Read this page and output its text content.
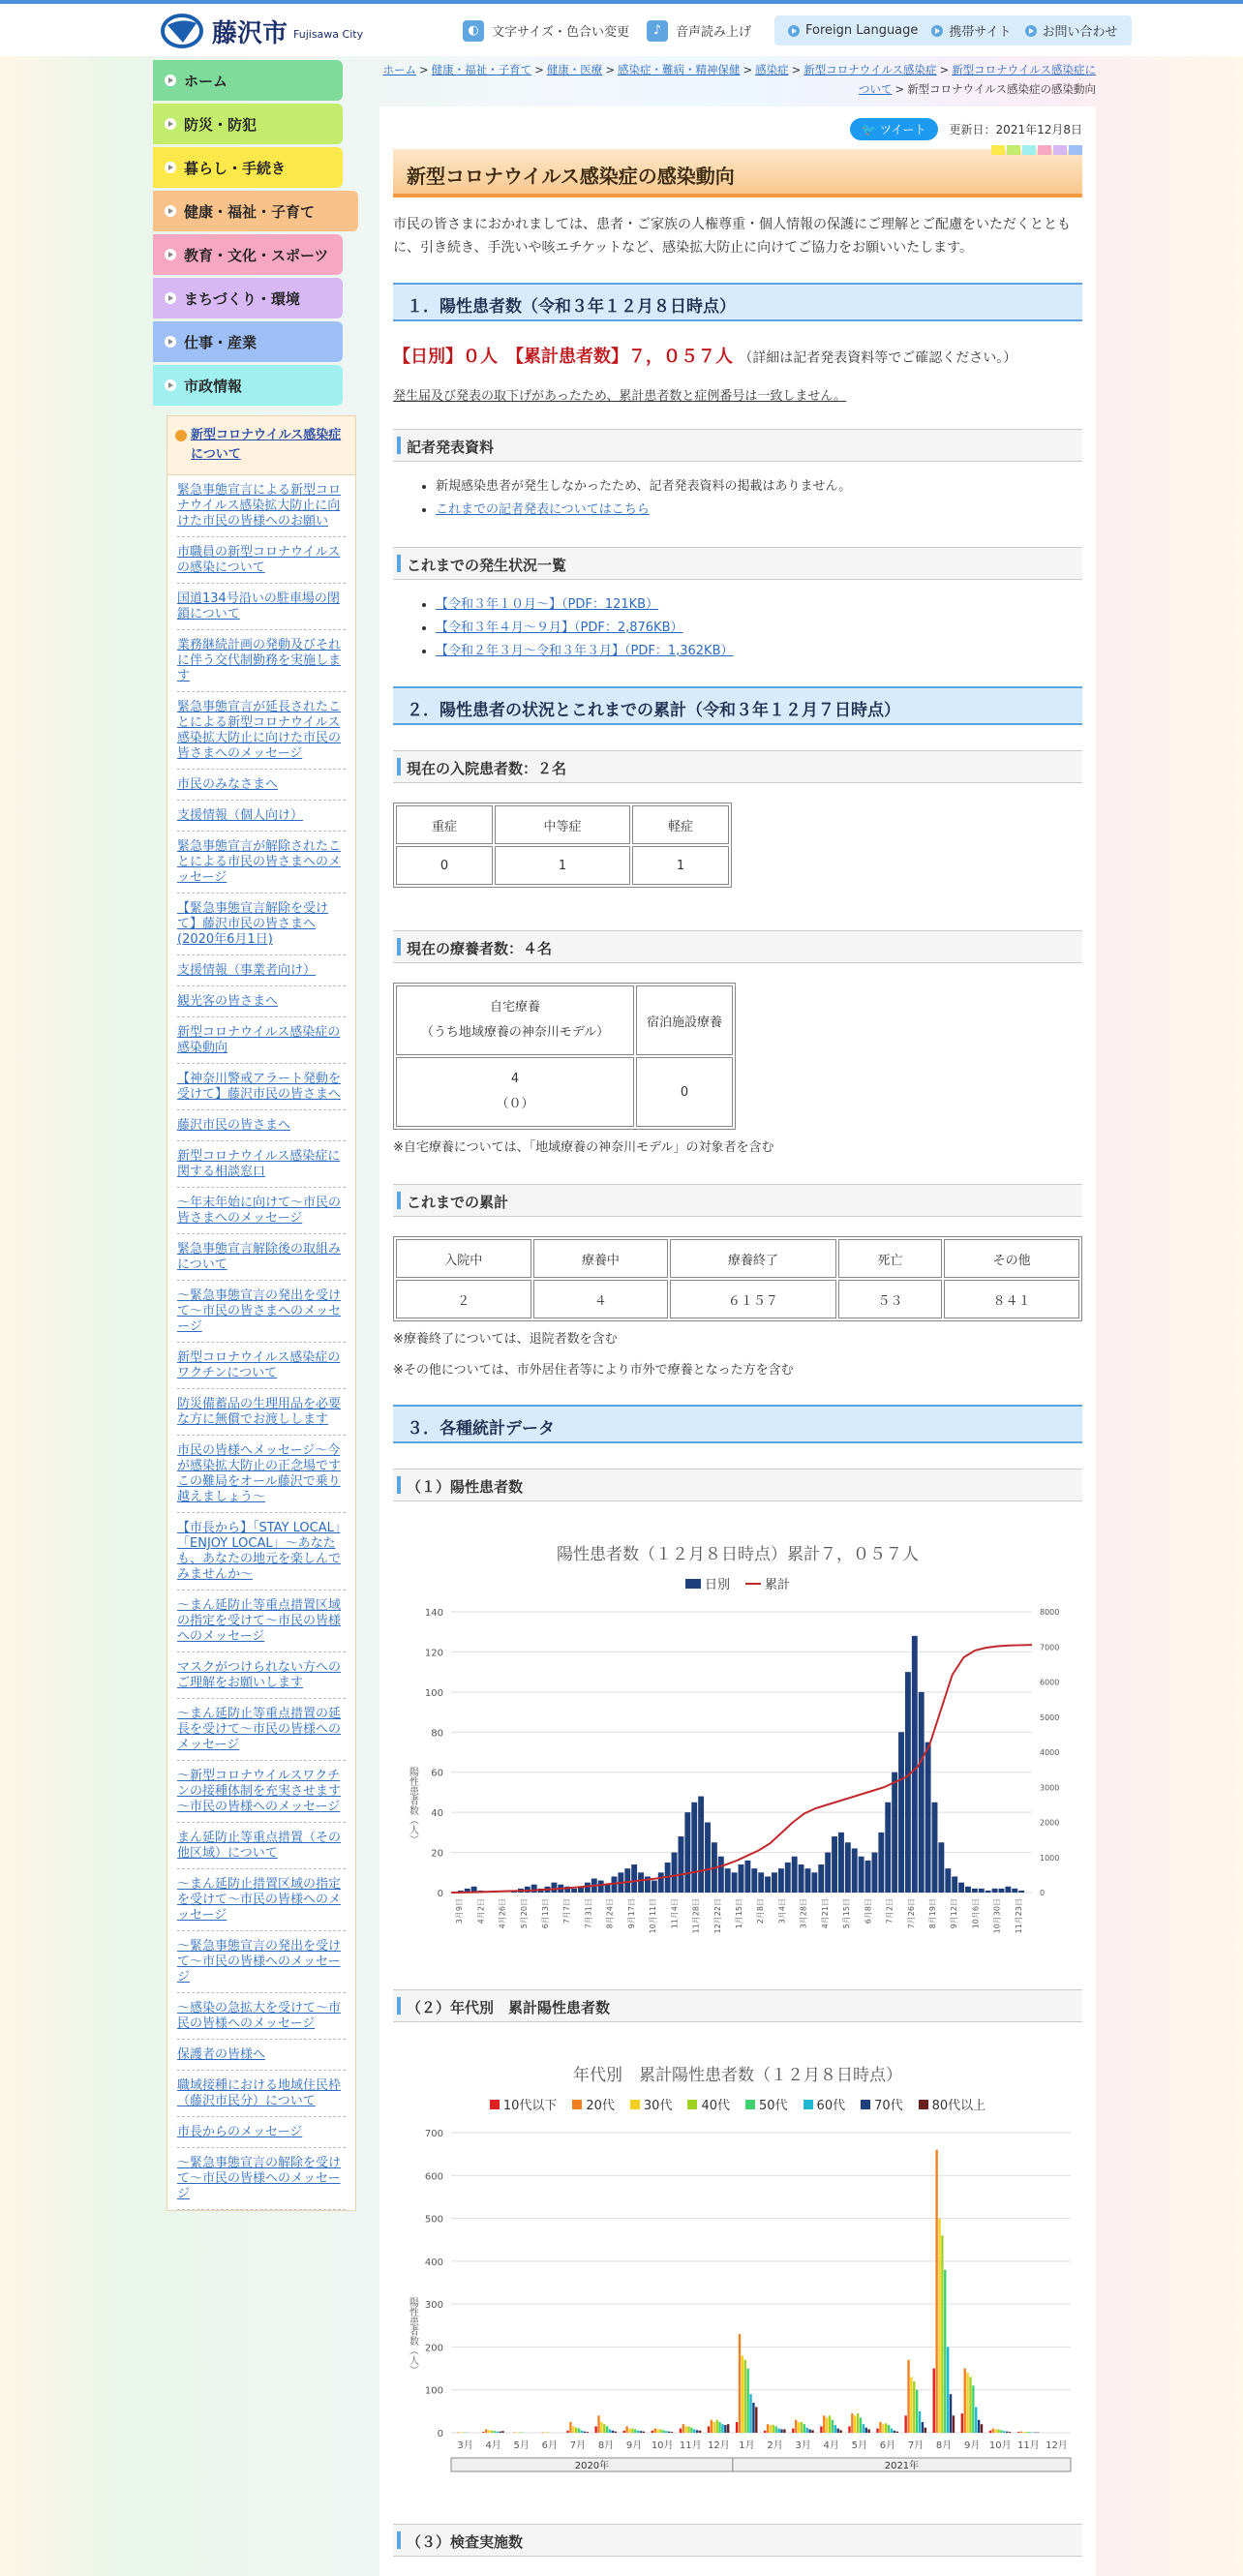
藤沢市 Fujisawa City	◐	文字サイズ・色合い変更	♪	音声読み上げ	Foreign Language 携帯サイト お問い合わせ
ホーム
防災・防犯
暮らし・手続き
健康・福祉・子育て
教育・文化・スポーツ
まちづくり・環境
仕事・産業
市政情報
新型コロナウイルス感染症について
緊急事態宣言による新型コロナウイルス感染拡大防止に向けた市民の皆様へのお願い
市職員の新型コロナウイルスの感染について
国道134号沿いの駐車場の閉鎖について
業務継続計画の発動及びそれに伴う交代制勤務を実施します
緊急事態宣言が延長されたことによる新型コロナウイルス感染拡大防止に向けた市民の皆さまへのメッセージ
市民のみなさまへ
支援情報（個人向け）
緊急事態宣言が解除されたことによる市民の皆さまへのメッセージ
【緊急事態宣言解除を受けて】藤沢市民の皆さまへ(2020年6月1日)
支援情報（事業者向け）
観光客の皆さまへ
新型コロナウイルス感染症の感染動向
【神奈川警戒アラート発動を受けて】藤沢市民の皆さまへ
藤沢市民の皆さまへ
新型コロナウイルス感染症に関する相談窓口
～年末年始に向けて～市民の皆さまへのメッセージ
緊急事態宣言解除後の取組みについて
～緊急事態宣言の発出を受けて～市民の皆さまへのメッセージ
新型コロナウイルス感染症のワクチンについて
防災備蓄品の生理用品を必要な方に無償でお渡しします
市民の皆様へメッセージ～今が感染拡大防止の正念場です この難局をオール藤沢で乗り越えましょう～
【市長から】「STAY LOCAL」「ENJOY LOCAL」～あなたも、あなたの地元を楽しんでみませんか～
～まん延防止等重点措置区域の指定を受けて～市民の皆様へのメッセージ
マスクがつけられない方へのご理解をお願いします
～まん延防止等重点措置の延長を受けて～市民の皆様へのメッセージ
～新型コロナウイルスワクチンの接種体制を充実させます～市民の皆様へのメッセージ
まん延防止等重点措置（その他区域）について
～まん延防止措置区域の指定を受けて～市民の皆様へのメッセージ
～緊急事態宣言の発出を受けて～市民の皆様へのメッセージ
～感染の急拡大を受けて～市民の皆様へのメッセージ
保護者の皆様へ
職域接種における地域住民枠（藤沢市民分）について
市長からのメッセージ
～緊急事態宣言の解除を受けて～市民の皆様へのメッセージ
ホーム > 健康・福祉・子育て > 健康・医療 > 感染症・難病・精神保健 > 感染症 > 新型コロナウイルス感染症 > 新型コロナウイルス感染症について > 新型コロナウイルス感染症の感染動向
🐦 ツイート	更新日：2021年12月8日
新型コロナウイルス感染症の感染動向

市民の皆さまにおかれましては、患者・ご家族の人権尊重・個人情報の保護にご理解とご配慮をいただくとともに、引き続き、手洗いや咳エチケットなど、感染拡大防止に向けてご協力をお願いいたします。

１．陽性患者数（令和３年１２月８日時点）
【日別】０人　【累計患者数】７，０５７人 （詳細は記者発表資料等でご確認ください。）
発生届及び発表の取下げがあったため、累計患者数と症例番号は一致しません。
記者発表資料
• 新規感染患者が発生しなかったため、記者発表資料の掲載はありません。
• これまでの記者発表についてはこちら
これまでの発生状況一覧
• 【令和３年１０月～】（PDF：121KB）
• 【令和３年４月～９月】（PDF：2,876KB）
• 【令和２年３月～令和３年３月】（PDF：1,362KB）
２．陽性患者の状況とこれまでの累計（令和３年１２月７日時点）
現在の入院患者数：２名
重症	中等症	軽症
0	1	1
現在の療養者数：４名
自宅療養
（うち地域療養の神奈川モデル）	宿泊施設療養
4
（０）	0
※自宅療養については、「地域療養の神奈川モデル」の対象者を含む
これまでの累計
入院中	療養中	療養終了	死亡	その他
２	４	６１５７	５３	８４１
※療養終了については、退院者数を含む
※その他については、市外居住者等により市外で療養となった方を含む
３．各種統計データ
（１）陽性患者数
陽性患者数（１２月８日時点）累計７，０５７人
日別	累計
0
20
40
60
80
100
120
140
0
1000
2000
3000
4000
5000
6000
7000
8000
陽性患者数（人）
3月9日 4月2日 4月26日 5月20日 6月13日 7月7日 7月31日 8月24日 9月17日 10月11日 11月4日 11月28日 12月22日 1月15日 2月8日 3月4日 3月28日 4月21日 5月15日 6月8日 7月2日 7月26日 8月19日 9月12日 10月6日 10月30日 11月23日
（２）年代別　累計陽性患者数
年代別　累計陽性患者数（１２月８日時点）
10代以下 20代 30代 40代 50代 60代 70代 80代以上
0
100
200
300
400
500
600
700
陽性患者数（人）
3月 4月 5月 6月 7月 8月 9月 10月 11月 12月 1月 2月 3月 4月 5月 6月 7月 8月 9月 10月 11月 12月
2020年	2021年
（３）検査実施数
